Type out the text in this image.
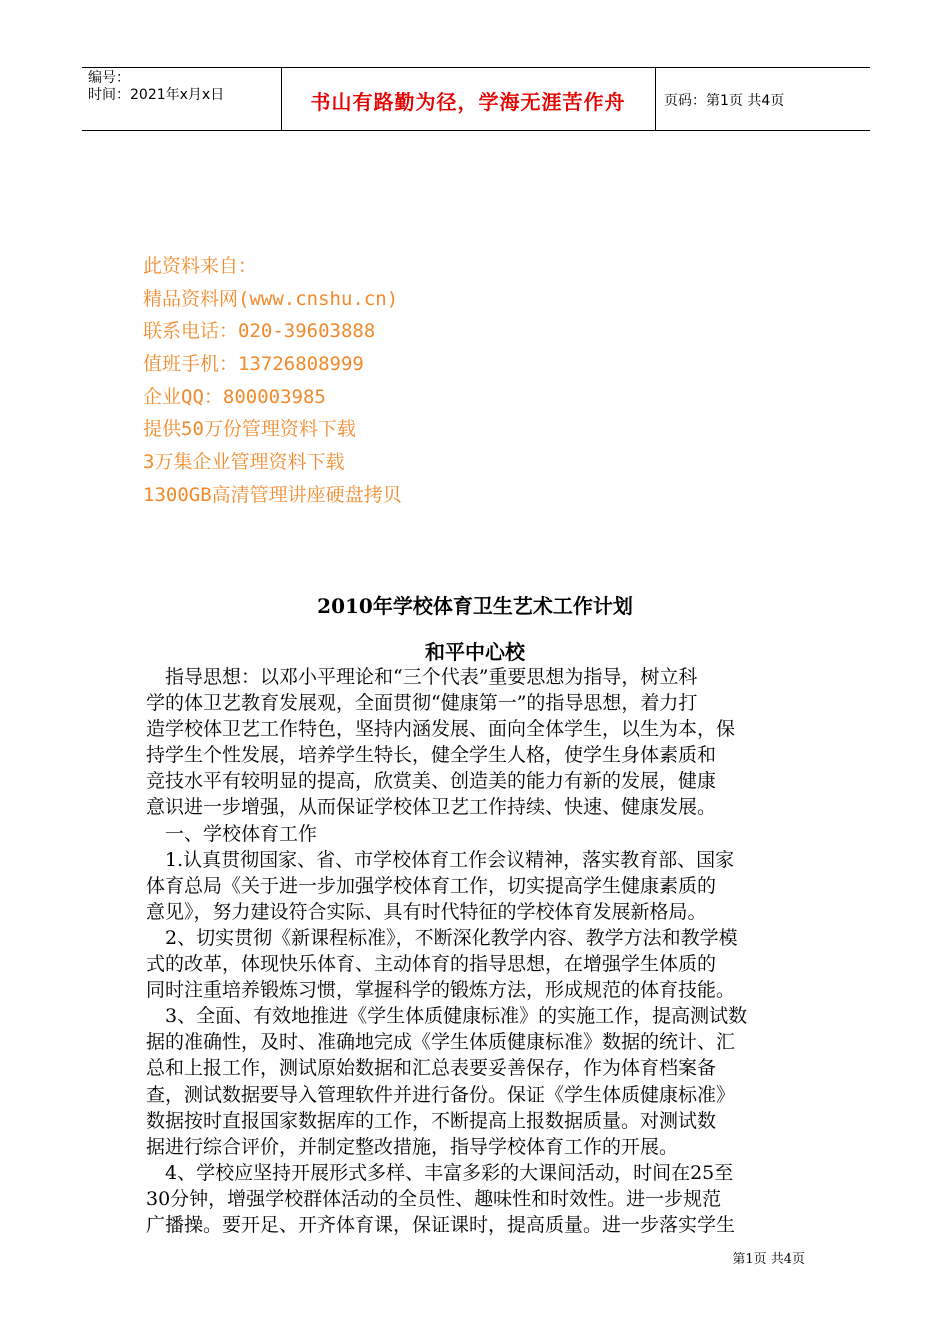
编号：
时间：2021年x月x日	书山有路勤为径，学海无涯苦作舟	页码：第1页 共4页
此资料来自：
精品资料网(www.cnshu.cn)
联系电话：020-39603888
值班手机：13726808999
企业QQ：800003985
提供50万份管理资料下载
3万集企业管理资料下载
1300GB高清管理讲座硬盘拷贝
2010年学校体育卫生艺术工作计划
和平中心校
　指导思想：以邓小平理论和“三个代表”重要思想为指导，树立科
学的体卫艺教育发展观，全面贯彻“健康第一”的指导思想，着力打
造学校体卫艺工作特色，坚持内涵发展、面向全体学生，以生为本，保
持学生个性发展，培养学生特长，健全学生人格，使学生身体素质和
竞技水平有较明显的提高，欣赏美、创造美的能力有新的发展，健康
意识进一步增强，从而保证学校体卫艺工作持续、快速、健康发展。
　一、学校体育工作
　1.认真贯彻国家、省、市学校体育工作会议精神，落实教育部、国家
体育总局《关于进一步加强学校体育工作，切实提高学生健康素质的
意见》，努力建设符合实际、具有时代特征的学校体育发展新格局。
　2、切实贯彻《新课程标准》，不断深化教学内容、教学方法和教学模
式的改革，体现快乐体育、主动体育的指导思想，在增强学生体质的
同时注重培养锻炼习惯，掌握科学的锻炼方法，形成规范的体育技能。
　3、全面、有效地推进《学生体质健康标准》的实施工作，提高测试数
据的准确性，及时、准确地完成《学生体质健康标准》数据的统计、汇
总和上报工作，测试原始数据和汇总表要妥善保存，作为体育档案备
查，测试数据要导入管理软件并进行备份。保证《学生体质健康标准》
数据按时直报国家数据库的工作，不断提高上报数据质量。对测试数
据进行综合评价，并制定整改措施，指导学校体育工作的开展。
　4、学校应坚持开展形式多样、丰富多彩的大课间活动，时间在25至
30分钟，增强学校群体活动的全员性、趣味性和时效性。进一步规范
广播操。要开足、开齐体育课，保证课时，提高质量。进一步落实学生
第1页 共4页
